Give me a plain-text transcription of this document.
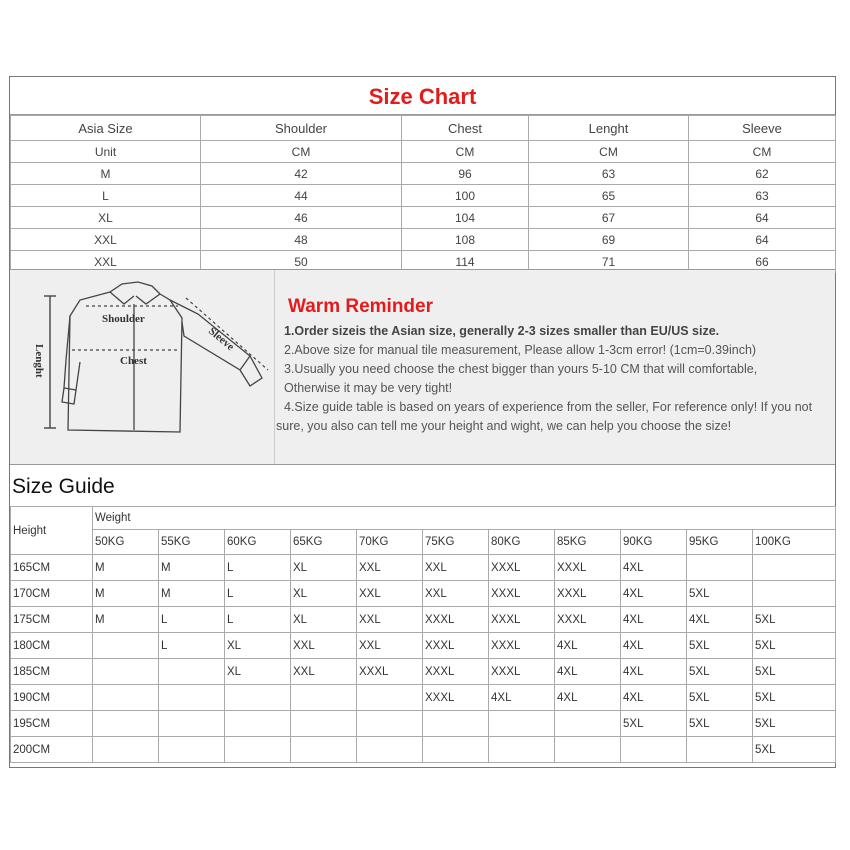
Size Chart
Asia Size	Shoulder	Chest	Lenght	Sleeve
Unit	CM	CM	CM	CM
M	42	96	63	62
L	44	100	65	63
XL	46	104	67	64
XXL	48	108	69	64
XXL	50	114	71	66
Shoulder
Chest
Sleeve
Lenght
Warm Reminder
1.Order sizeis the Asian size, generally 2-3 sizes smaller than EU/US size.
2.Above size for manual tile measurement, Please allow 1-3cm error! (1cm=0.39inch)
3.Usually you need choose the chest bigger than yours 5-10 CM that will comfortable,
Otherwise it may be very tight!
4.Size guide table is based on years of experience from the seller, For reference only! If you not
sure, you also can tell me your height and wight, we can help you choose the size!
Size Guide
Height	Weight										
	50KG	55KG	60KG	65KG	70KG	75KG	80KG	85KG	90KG	95KG	100KG
165CM	M	M	L	XL	XXL	XXL	XXXL	XXXL	4XL		
170CM	M	M	L	XL	XXL	XXL	XXXL	XXXL	4XL	5XL	
175CM	M	L	L	XL	XXL	XXXL	XXXL	XXXL	4XL	4XL	5XL
180CM		L	XL	XXL	XXL	XXXL	XXXL	4XL	4XL	5XL	5XL
185CM			XL	XXL	XXXL	XXXL	XXXL	4XL	4XL	5XL	5XL
190CM						XXXL	4XL	4XL	4XL	5XL	5XL
195CM									5XL	5XL	5XL
200CM											5XL
